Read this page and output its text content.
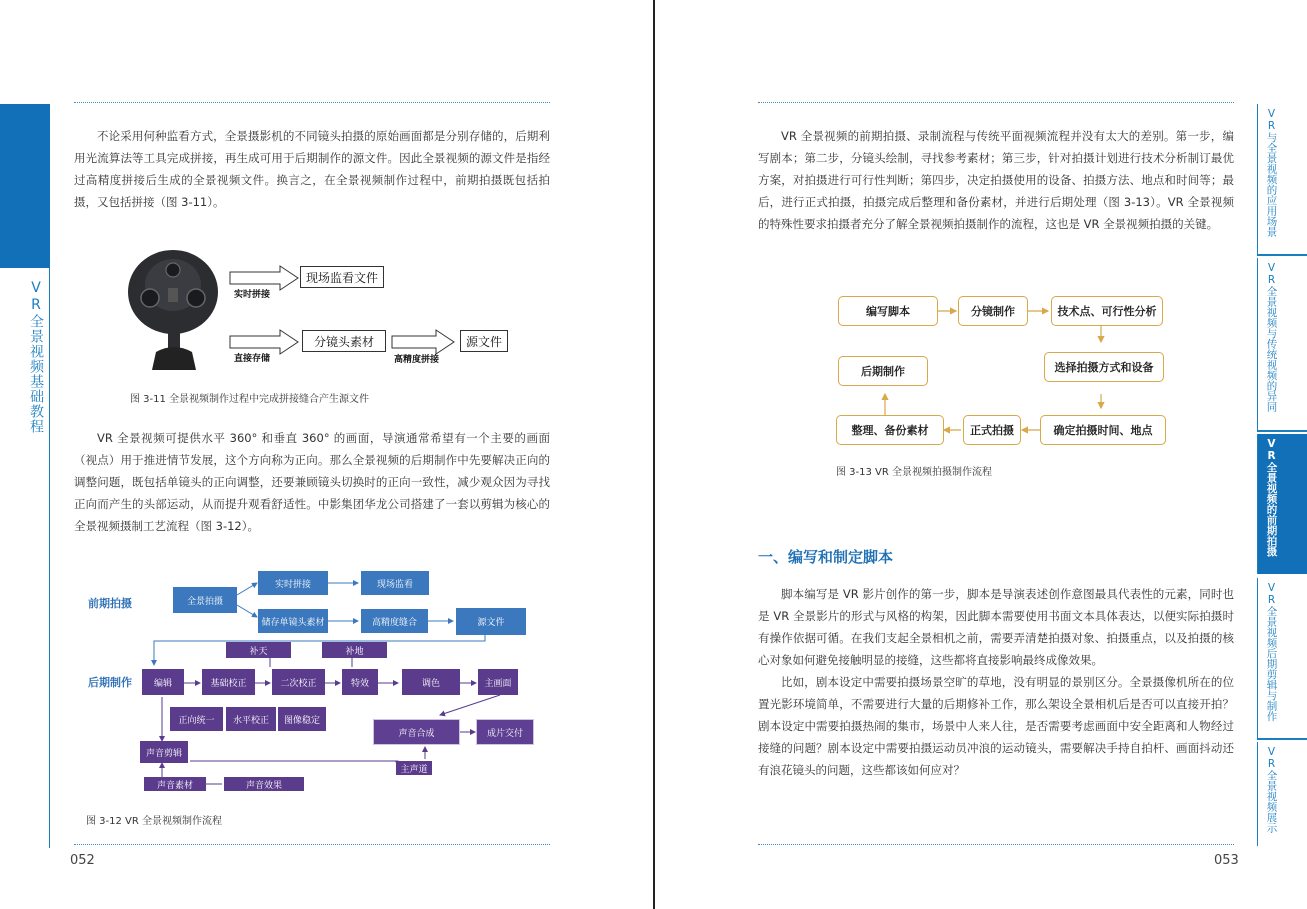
VR全景视频基础教程

不论采用何种监看方式，全景摄影机的不同镜头拍摄的原始画面都是分别存储的，后期利用光流算法等工具完成拼接，再生成可用于后期制作的源文件。因此全景视频的源文件是指经过高精度拼接后生成的全景视频文件。换言之，在全景视频制作过程中，前期拍摄既包括拍摄，又包括拼接（图 3-11）。

现场监看文件
实时拼接
分镜头素材	源文件
直接存储	高精度拼接
图 3-11 全景视频制作过程中完成拼接缝合产生源文件

VR 全景视频可提供水平 360° 和垂直 360° 的画面，导演通常希望有一个主要的画面（视点）用于推进情节发展，这个方向称为正向。那么全景视频的后期制作中先要解决正向的调整问题，既包括单镜头的正向调整，还要兼顾镜头切换时的正向一致性，减少观众因为寻找正向而产生的头部运动，从而提升观看舒适性。中影集团华龙公司搭建了一套以剪辑为核心的全景视频摄制工艺流程（图 3-12）。

前期拍摄
后期制作
全景拍摄
实时拼接	现场监看
储存单镜头素材	高精度缝合	源文件
补天	补地
编辑	基础校正	二次校正	特效	调色	主画面
正向统一	水平校正	图像稳定
声音合成	成片交付
声音剪辑
主声道
声音素材	声音效果
图 3-12 VR 全景视频制作流程
052

VR 全景视频的前期拍摄、录制流程与传统平面视频流程并没有太大的差别。第一步，编写剧本；第二步，分镜头绘制，寻找参考素材；第三步，针对拍摄计划进行技术分析制订最优方案，对拍摄进行可行性判断；第四步，决定拍摄使用的设备、拍摄方法、地点和时间等；最后，进行正式拍摄，拍摄完成后整理和备份素材，并进行后期处理（图 3-13）。VR 全景视频的特殊性要求拍摄者充分了解全景视频拍摄制作的流程，这也是 VR 全景视频拍摄的关键。

编写脚本	分镜制作	技术点、可行性分析
选择拍摄方式和设备
后期制作
整理、备份素材	正式拍摄	确定拍摄时间、地点
图 3-13 VR 全景视频拍摄制作流程
一、编写和制定脚本

脚本编写是 VR 影片创作的第一步，脚本是导演表述创作意图最具代表性的元素，同时也是 VR 全景影片的形式与风格的构架，因此脚本需要使用书面文本具体表达，以便实际拍摄时有操作依据可循。在我们支起全景相机之前，需要弄清楚拍摄对象、拍摄重点，以及拍摄的核心对象如何避免接触明显的接缝，这些都将直接影响最终成像效果。

比如，剧本设定中需要拍摄场景空旷的草地，没有明显的景别区分。全景摄像机所在的位置光影环境简单，不需要进行大量的后期修补工作，那么架设全景相机后是否可以直接开拍？剧本设定中需要拍摄热闹的集市，场景中人来人往，是否需要考虑画面中安全距离和人物经过接缝的问题？剧本设定中需要拍摄运动员冲浪的运动镜头，需要解决手持自拍杆、画面抖动还有浪花镜头的问题，这些都该如何应对？

053
VR与全景视频的应用场景
VR全景视频与传统视频的异同
VR全景视频的前期拍摄
VR全景视频后期剪辑与制作
VR全景视频展示
